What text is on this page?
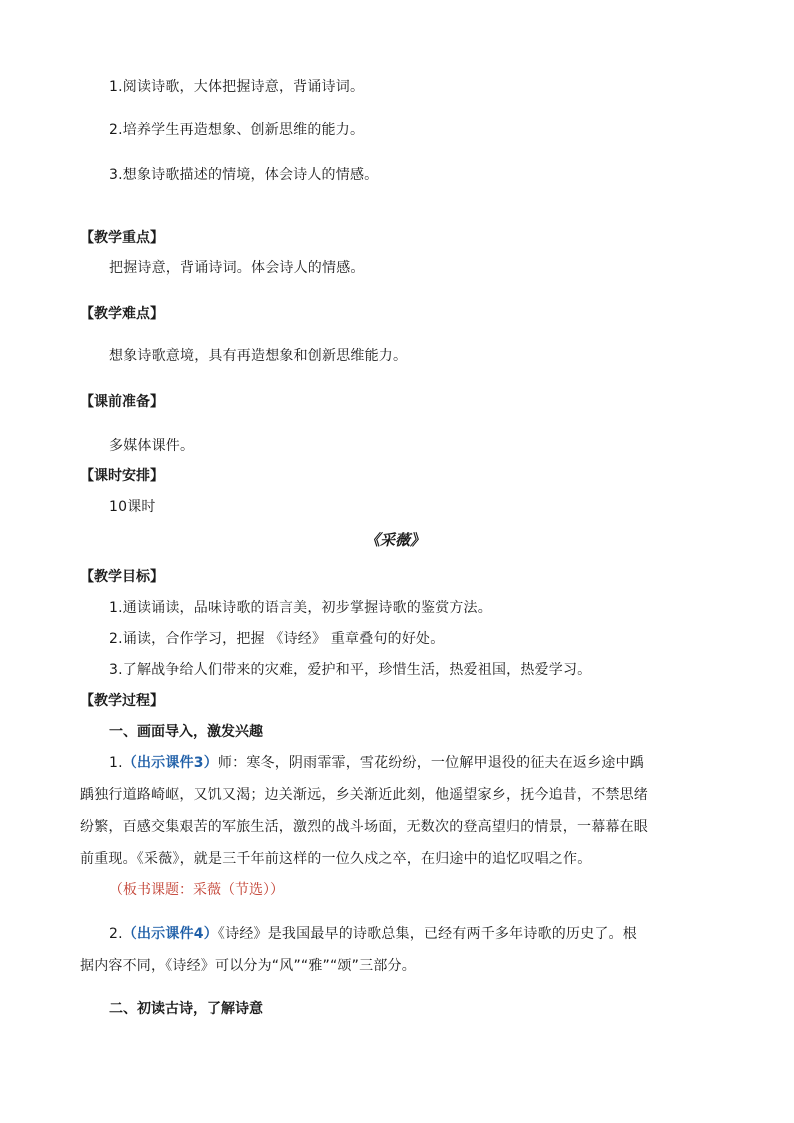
1.阅读诗歌，大体把握诗意，背诵诗词。
2.培养学生再造想象、创新思维的能力。
3.想象诗歌描述的情境，体会诗人的情感。
【教学重点】
把握诗意，背诵诗词。体会诗人的情感。
【教学难点】
想象诗歌意境，具有再造想象和创新思维能力。
【课前准备】
多媒体课件。
【课时安排】
10课时
《采薇》
【教学目标】
1.通读诵读，品味诗歌的语言美，初步掌握诗歌的鉴赏方法。
2.诵读，合作学习，把握 《诗经》 重章叠句的好处。
3.了解战争给人们带来的灾难，爱护和平，珍惜生活，热爱祖国，热爱学习。
【教学过程】
一、画面导入，激发兴趣
1.（出示课件3）师：寒冬，阴雨霏霏，雪花纷纷，一位解甲退役的征夫在返乡途中踽
踽独行道路崎岖，又饥又渴；边关渐远，乡关渐近此刻，他遥望家乡，抚今追昔，不禁思绪
纷繁，百感交集艰苦的军旅生活，激烈的战斗场面，无数次的登高望归的情景，一幕幕在眼
前重现。《采薇》，就是三千年前这样的一位久戍之卒，在归途中的追忆叹唱之作。
（板书课题：采薇（节选））
2.（出示课件4）《诗经》是我国最早的诗歌总集，已经有两千多年诗歌的历史了。根
据内容不同，《诗经》可以分为“风”“雅”“颂”三部分。
二、初读古诗，了解诗意
